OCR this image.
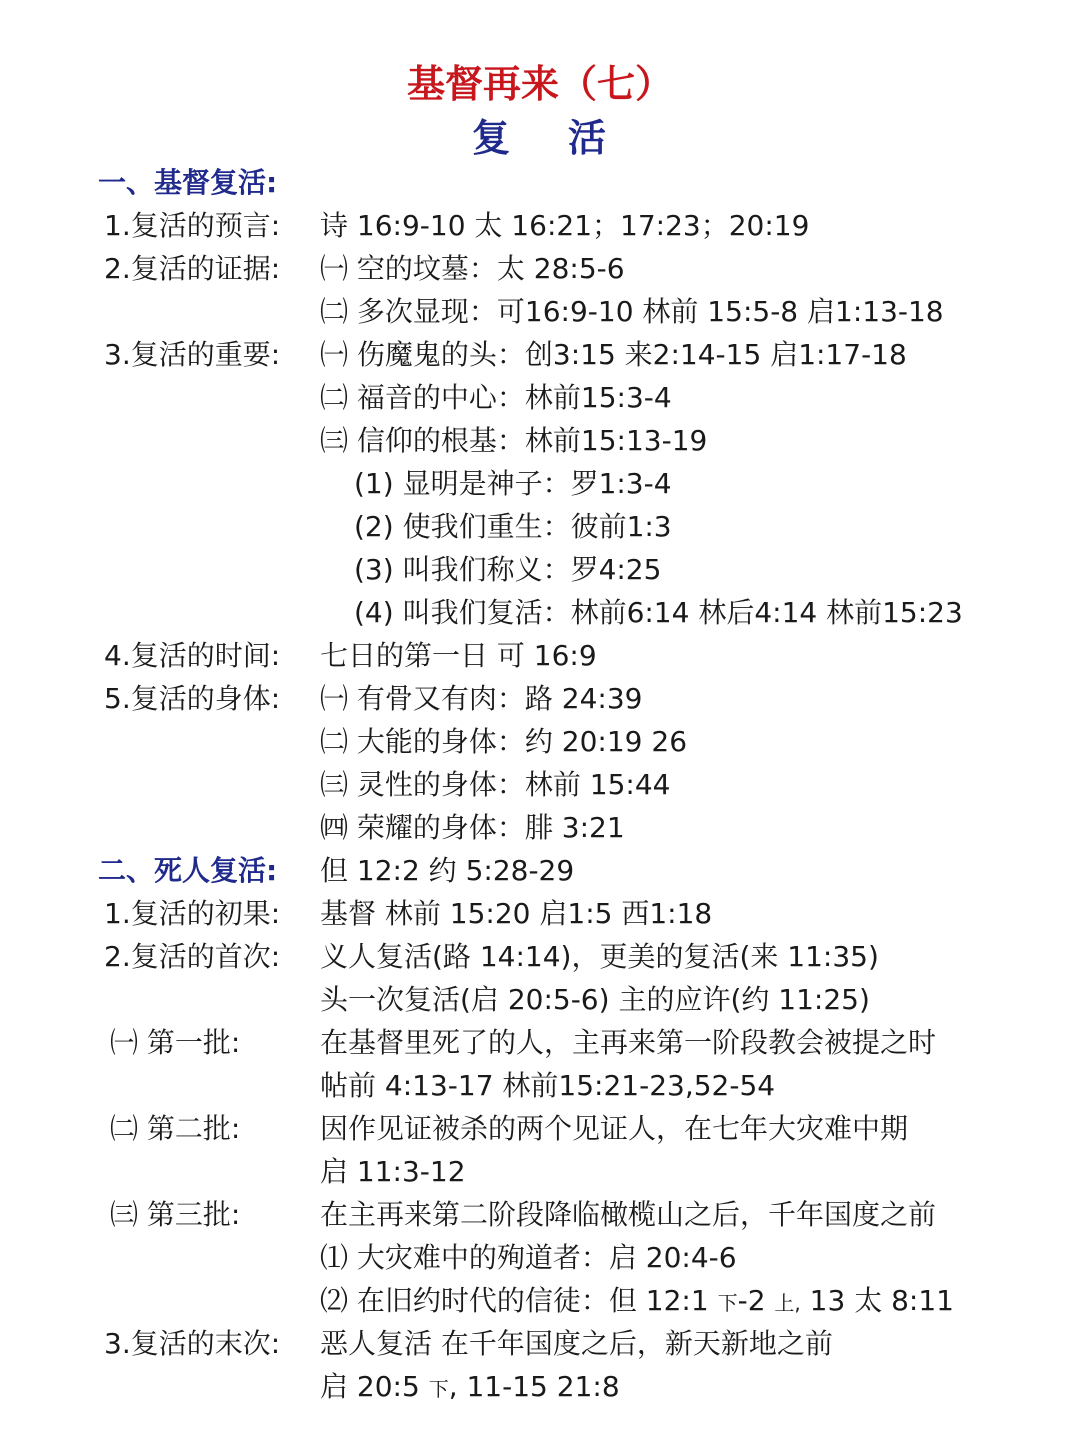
基督再来（七）
复 活
一、基督复活:
1.复活的预言: 诗 16:9-10 太 16:21；17:23；20:19
2.复活的证据: ㈠ 空的坟墓：太 28:5-6
㈡ 多次显现：可16:9-10 林前 15:5-8 启1:13-18
3.复活的重要: ㈠ 伤魔鬼的头：创3:15 来2:14-15 启1:17-18
㈡ 福音的中心：林前15:3-4
㈢ 信仰的根基：林前15:13-19
(1) 显明是神子：罗1:3-4
(2) 使我们重生：彼前1:3
(3) 叫我们称义：罗4:25
(4) 叫我们复活：林前6:14 林后4:14 林前15:23
4.复活的时间: 七日的第一日 可 16:9
5.复活的身体: ㈠ 有骨又有肉：路 24:39
㈡ 大能的身体：约 20:19 26
㈢ 灵性的身体：林前 15:44
㈣ 荣耀的身体：腓 3:21
二、死人复活: 但 12:2 约 5:28-29
1.复活的初果: 基督 林前 15:20 启1:5 西1:18
2.复活的首次: 义人复活(路 14:14)，更美的复活(来 11:35)
头一次复活(启 20:5-6) 主的应许(约 11:25)
㈠ 第一批:	在基督里死了的人，主再来第一阶段教会被提之时
帖前 4:13-17 林前15:21-23,52-54
㈡ 第二批:	因作见证被杀的两个见证人，在七年大灾难中期
启 11:3-12
㈢ 第三批:	在主再来第二阶段降临橄榄山之后，千年国度之前
⑴ 大灾难中的殉道者：启 20:4-6
⑵ 在旧约时代的信徒：但 12:1 下-2 上, 13 太 8:11
3.复活的末次: 恶人复活 在千年国度之后，新天新地之前
启 20:5 下, 11-15 21:8
